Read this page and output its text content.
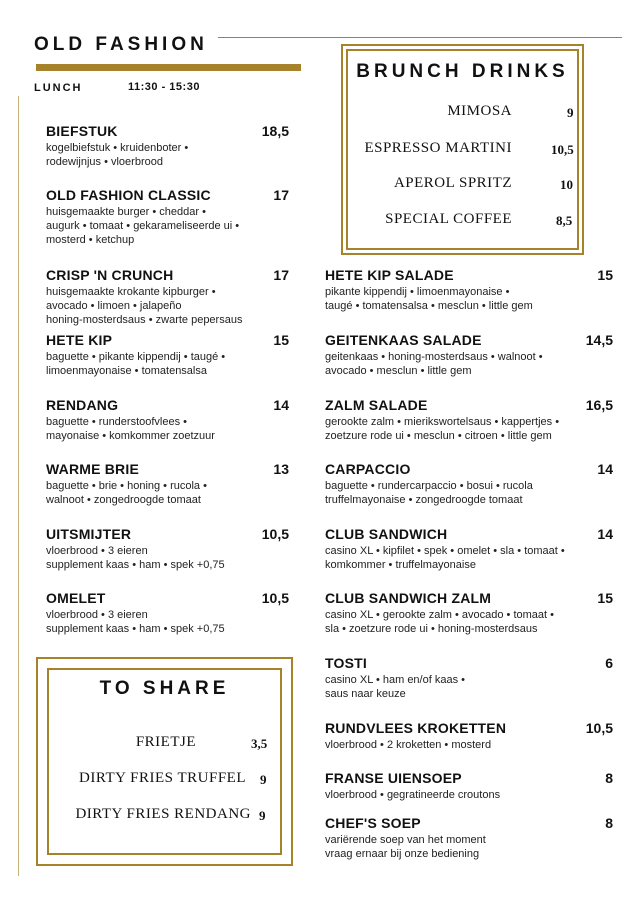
OLD FASHION
LUNCH	11:30 - 15:30
BIEFSTUK	18,5
kogelbiefstuk • kruidenboter •
rodewijnjus • vloerbrood
OLD FASHION CLASSIC	17
huisgemaakte burger • cheddar •
augurk • tomaat • gekarameliseerde ui •
mosterd • ketchup
CRISP 'N CRUNCH	17
huisgemaakte krokante kipburger •
avocado • limoen • jalapeño
honing-mosterdsaus • zwarte pepersaus
HETE KIP	15
baguette • pikante kippendij • taugé •
limoenmayonaise • tomatensalsa
RENDANG	14
baguette • runderstoofvlees •
mayonaise • komkommer zoetzuur
WARME BRIE	13
baguette • brie • honing • rucola •
walnoot • zongedroogde tomaat
UITSMIJTER	10,5
vloerbrood • 3 eieren
supplement kaas • ham • spek +0,75
OMELET	10,5
vloerbrood • 3 eieren
supplement kaas • ham • spek +0,75
BRUNCH DRINKS
MIMOSA	9
ESPRESSO MARTINI	10,5
APEROL SPRITZ	10
SPECIAL COFFEE	8,5
HETE KIP SALADE	15
pikante kippendij • limoenmayonaise •
taugé • tomatensalsa • mesclun • little gem
GEITENKAAS SALADE	14,5
geitenkaas • honing-mosterdsaus • walnoot •
avocado • mesclun • little gem
ZALM SALADE	16,5
gerookte zalm • mierikswortelsaus • kappertjes •
zoetzure rode ui • mesclun • citroen • little gem
CARPACCIO	14
baguette • rundercarpaccio • bosui • rucola
truffelmayonaise • zongedroogde tomaat
CLUB SANDWICH	14
casino XL • kipfilet • spek • omelet • sla • tomaat •
komkommer • truffelmayonaise
CLUB SANDWICH ZALM	15
casino XL • gerookte zalm • avocado • tomaat •
sla • zoetzure rode ui • honing-mosterdsaus
TOSTI	6
casino XL • ham en/of kaas •
saus naar keuze
RUNDVLEES KROKETTEN	10,5
vloerbrood • 2 kroketten • mosterd
FRANSE UIENSOEP	8
vloerbrood • gegratineerde croutons
CHEF'S SOEP	8
variërende soep van het moment
vraag ernaar bij onze bediening
TO SHARE
FRIETJE	3,5
DIRTY FRIES TRUFFEL 9
DIRTY FRIES RENDANG 9
